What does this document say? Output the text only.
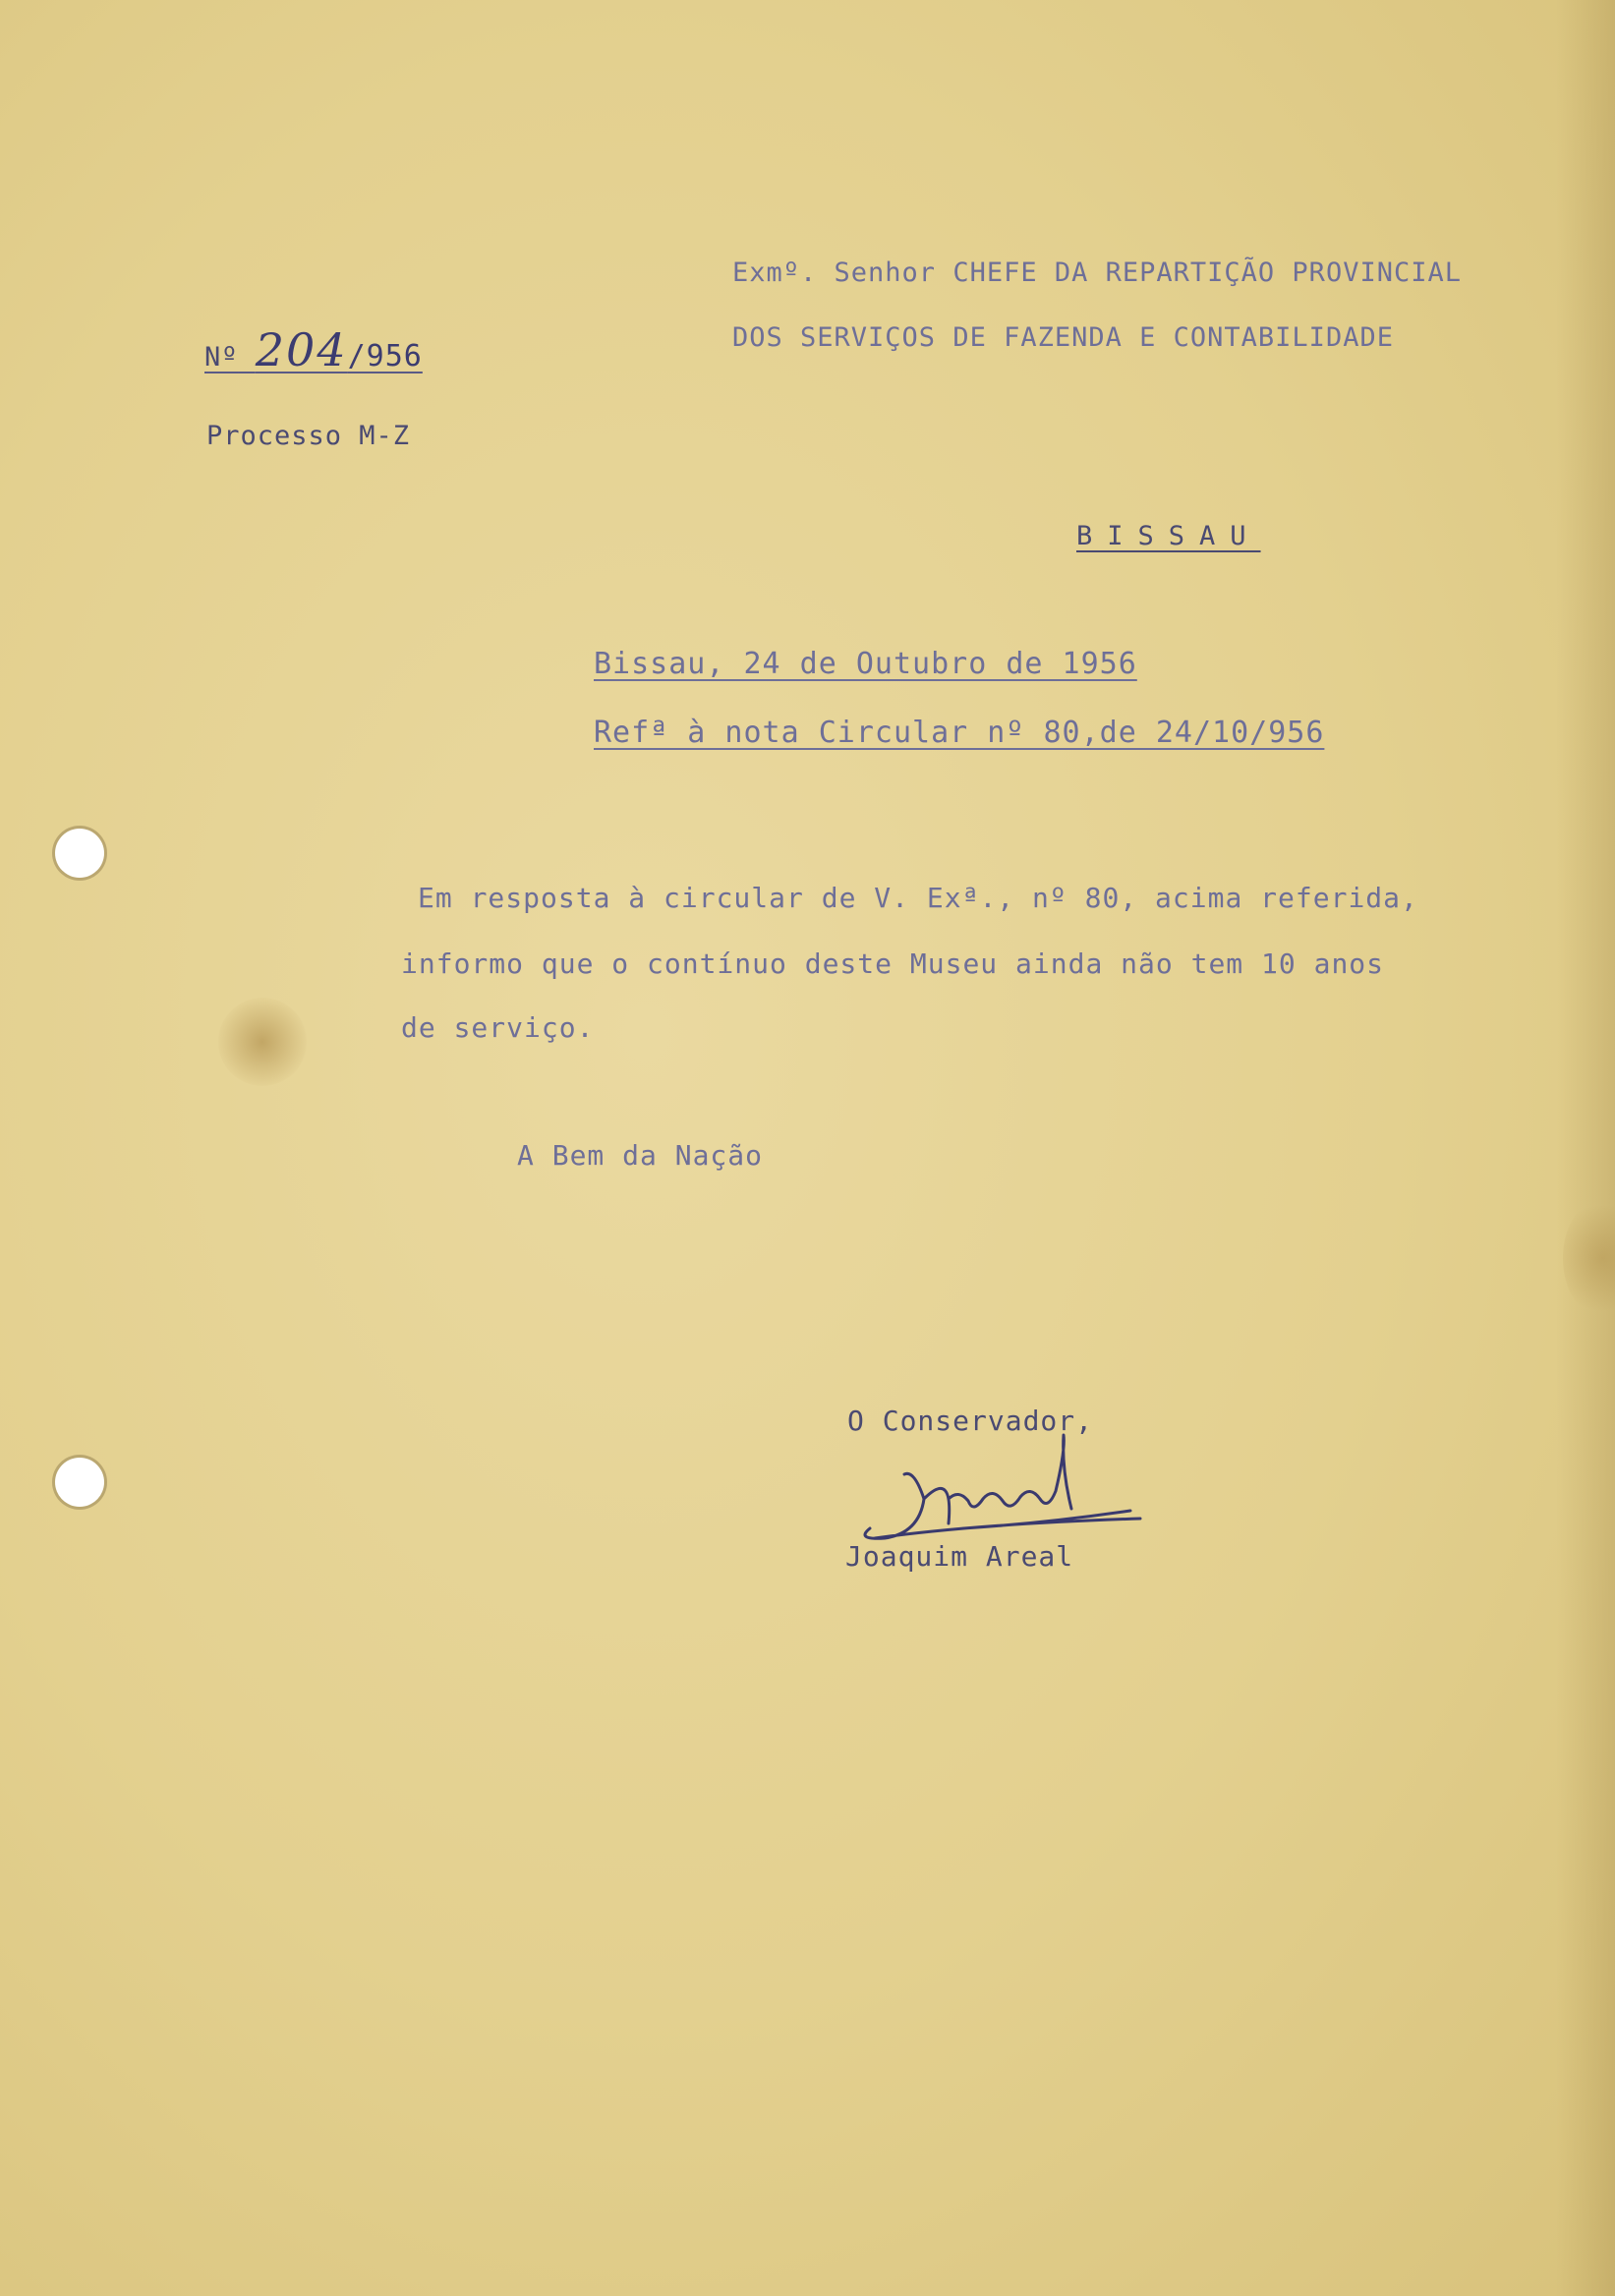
Exmº. Senhor CHEFE DA REPARTIÇÃO PROVINCIAL
DOS SERVIÇOS DE FAZENDA E CONTABILIDADE
Nº 204/956
Processo M-Z
BISSAU
Bissau, 24 de Outubro de 1956
Refª à nota Circular nº 80,de 24/10/956
Em resposta à circular de V. Exª., nº 80, acima referida,
informo que o contínuo deste Museu ainda não tem 10 anos
de serviço.
A Bem da Nação
O Conservador,
Joaquim Areal
